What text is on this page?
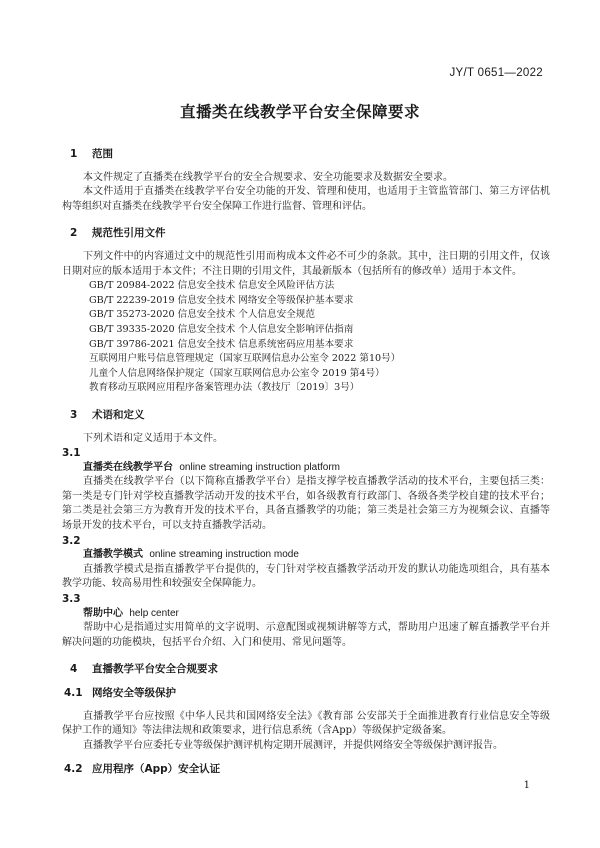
JY/T 0651—2022
直播类在线教学平台安全保障要求
1	范围
本文件规定了直播类在线教学平台的安全合规要求、安全功能要求及数据安全要求。
本文件适用于直播类在线教学平台安全功能的开发、管理和使用，也适用于主管监管部门、第三方评估机构等组织对直播类在线教学平台安全保障工作进行监督、管理和评估。
2	规范性引用文件
下列文件中的内容通过文中的规范性引用而构成本文件必不可少的条款。其中，注日期的引用文件，仅该日期对应的版本适用于本文件；不注日期的引用文件，其最新版本（包括所有的修改单）适用于本文件。
GB/T 20984-2022 信息安全技术 信息安全风险评估方法
GB/T 22239-2019 信息安全技术 网络安全等级保护基本要求
GB/T 35273-2020 信息安全技术 个人信息安全规范
GB/T 39335-2020 信息安全技术 个人信息安全影响评估指南
GB/T 39786-2021 信息安全技术 信息系统密码应用基本要求
互联网用户账号信息管理规定（国家互联网信息办公室令 2022 第10号）
儿童个人信息网络保护规定（国家互联网信息办公室令 2019 第4号）
教育移动互联网应用程序备案管理办法（教技厅〔2019〕3号）
3	术语和定义
下列术语和定义适用于本文件。
3.1
直播类在线教学平台 online streaming instruction platform
直播类在线教学平台（以下简称直播教学平台）是指支撑学校直播教学活动的技术平台，主要包括三类：第一类是专门针对学校直播教学活动开发的技术平台，如各级教育行政部门、各级各类学校自建的技术平台；第二类是社会第三方为教育开发的技术平台，具备直播教学的功能；第三类是社会第三方为视频会议、直播等场景开发的技术平台，可以支持直播教学活动。
3.2
直播教学模式 online streaming instruction mode
直播教学模式是指直播教学平台提供的，专门针对学校直播教学活动开发的默认功能选项组合，具有基本教学功能、较高易用性和较强安全保障能力。
3.3
帮助中心 help center
帮助中心是指通过实用简单的文字说明、示意配图或视频讲解等方式，帮助用户迅速了解直播教学平台并解决问题的功能模块，包括平台介绍、入门和使用、常见问题等。
4	直播教学平台安全合规要求
4.1 网络安全等级保护
直播教学平台应按照《中华人民共和国网络安全法》《教育部 公安部关于全面推进教育行业信息安全等级保护工作的通知》等法律法规和政策要求，进行信息系统（含App）等级保护定级备案。
直播教学平台应委托专业等级保护测评机构定期开展测评，并提供网络安全等级保护测评报告。
4.2 应用程序（App）安全认证
1
